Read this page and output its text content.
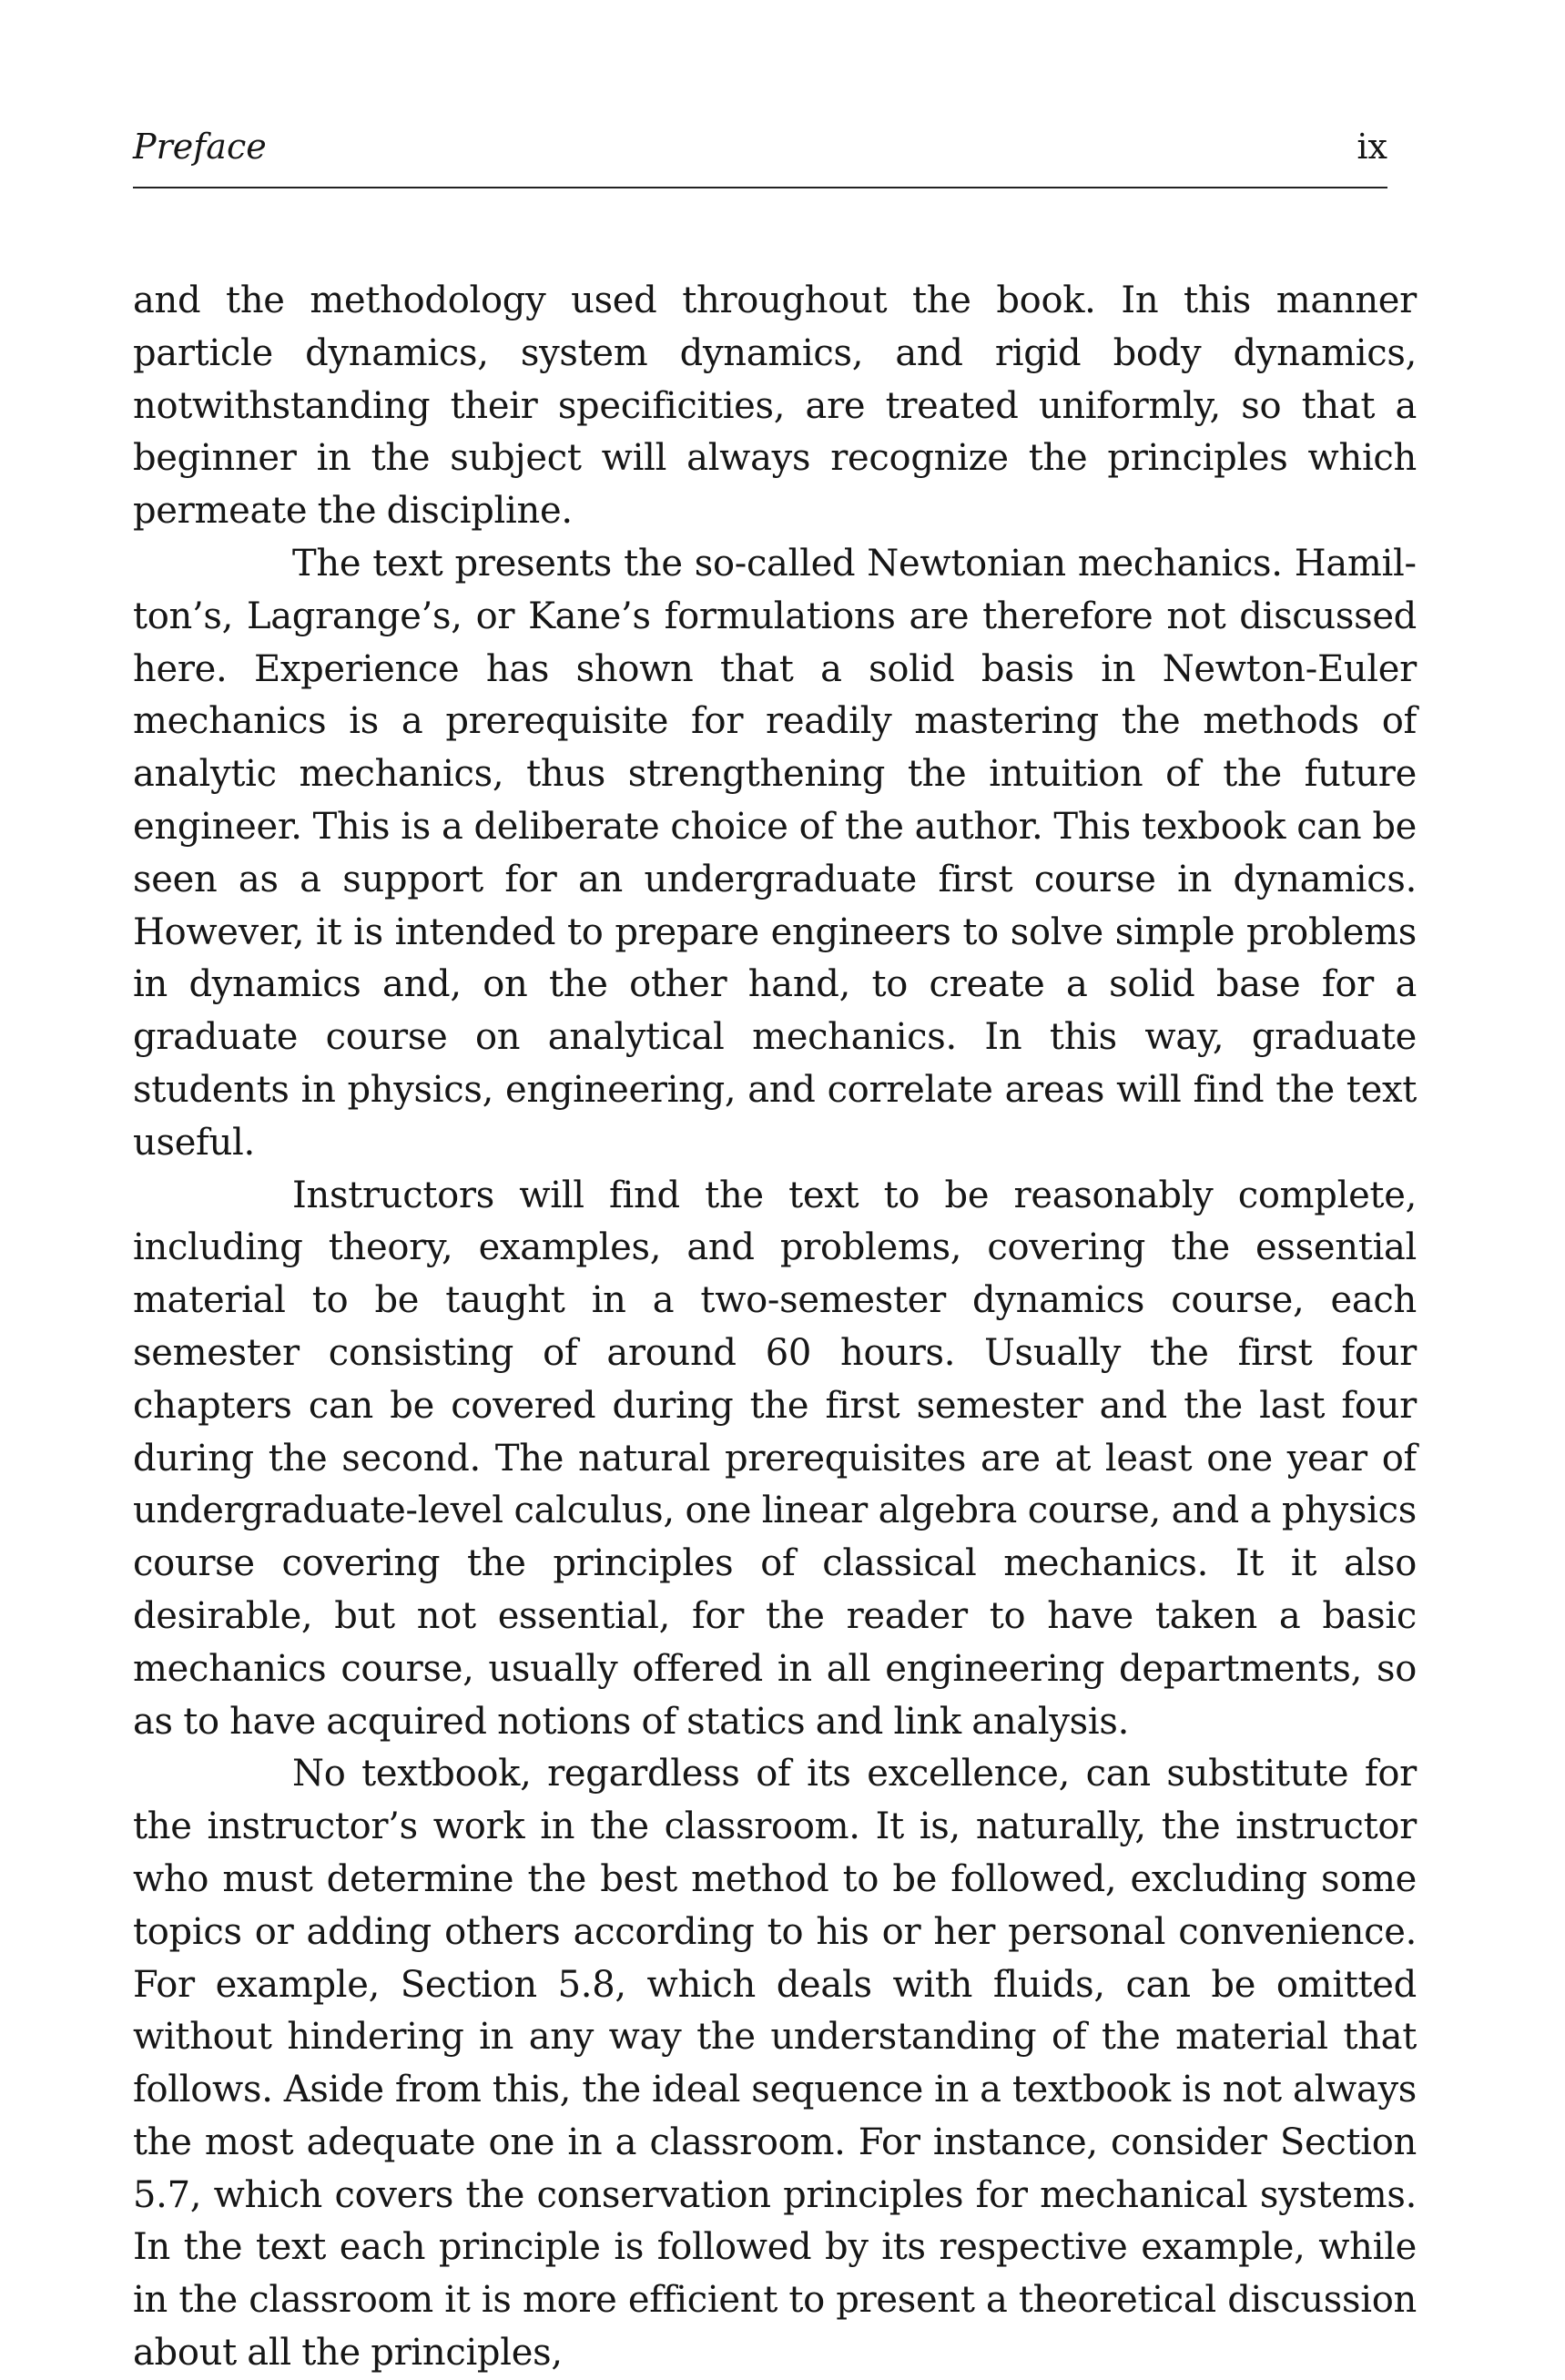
Preface	ix

and the methodology used throughout the book. In this manner particle dynamics, system dynamics, and rigid body dynamics, notwithstanding their specificities, are treated uniformly, so that a beginner in the subject will always recognize the principles which permeate the discipline.

The text presents the so-called Newtonian mechanics. Hamilton’s, Lagrange’s, or Kane’s formulations are therefore not discussed here. Experience has shown that a solid basis in Newton-Euler mechanics is a prerequisite for readily mastering the methods of analytic mechanics, thus strengthening the intuition of the future engineer. This is a deliberate choice of the author. This texbook can be seen as a support for an undergraduate first course in dynamics. However, it is intended to prepare engineers to solve simple problems in dynamics and, on the other hand, to create a solid base for a graduate course on analytical mechanics. In this way, graduate students in physics, engineering, and correlate areas will find the text useful.

Instructors will find the text to be reasonably complete, including theory, examples, and problems, covering the essential material to be taught in a two-semester dynamics course, each semester consisting of around 60 hours. Usually the first four chapters can be covered during the first semester and the last four during the second. The natural prerequisites are at least one year of undergraduate-level calculus, one linear algebra course, and a physics course covering the principles of classical mechanics. It it also desirable, but not essential, for the reader to have taken a basic mechanics course, usually offered in all engineering departments, so as to have acquired notions of statics and link analysis.

No textbook, regardless of its excellence, can substitute for the instructor’s work in the classroom. It is, naturally, the instructor who must determine the best method to be followed, excluding some topics or adding others according to his or her personal convenience. For example, Section 5.8, which deals with fluids, can be omitted without hindering in any way the understanding of the material that follows. Aside from this, the ideal sequence in a textbook is not always the most adequate one in a classroom. For instance, consider Section 5.7, which covers the conservation principles for mechanical systems. In the text each principle is followed by its respective example, while in the classroom it is more efficient to present a theoretical discussion about all the principles,
